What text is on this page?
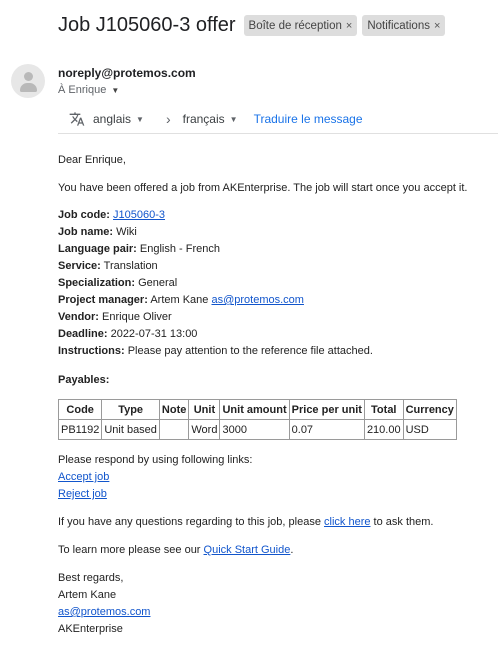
Job J105060-3 offer Boîte de réception × Notifications ×
noreply@protemos.com
À Enrique ▼
anglais ▼ › français ▼ Traduire le message

Dear Enrique,

You have been offered a job from AKEnterprise. The job will start once you accept it.

Job code: J105060-3

Job name: Wiki

Language pair: English - French

Service: Translation

Specialization: General

Project manager: Artem Kane as@protemos.com

Vendor: Enrique Oliver

Deadline: 2022-07-31 13:00

Instructions: Please pay attention to the reference file attached.

Payables:

Code	Type	Note	Unit	Unit amount	Price per unit	Total	Currency
PB1192	Unit based		Word	3000	0.07	210.00	USD

Please respond by using following links:

Accept job

Reject job

If you have any questions regarding to this job, please click here to ask them.

To learn more please see our Quick Start Guide.

Best regards,

Artem Kane

as@protemos.com

AKEnterprise
